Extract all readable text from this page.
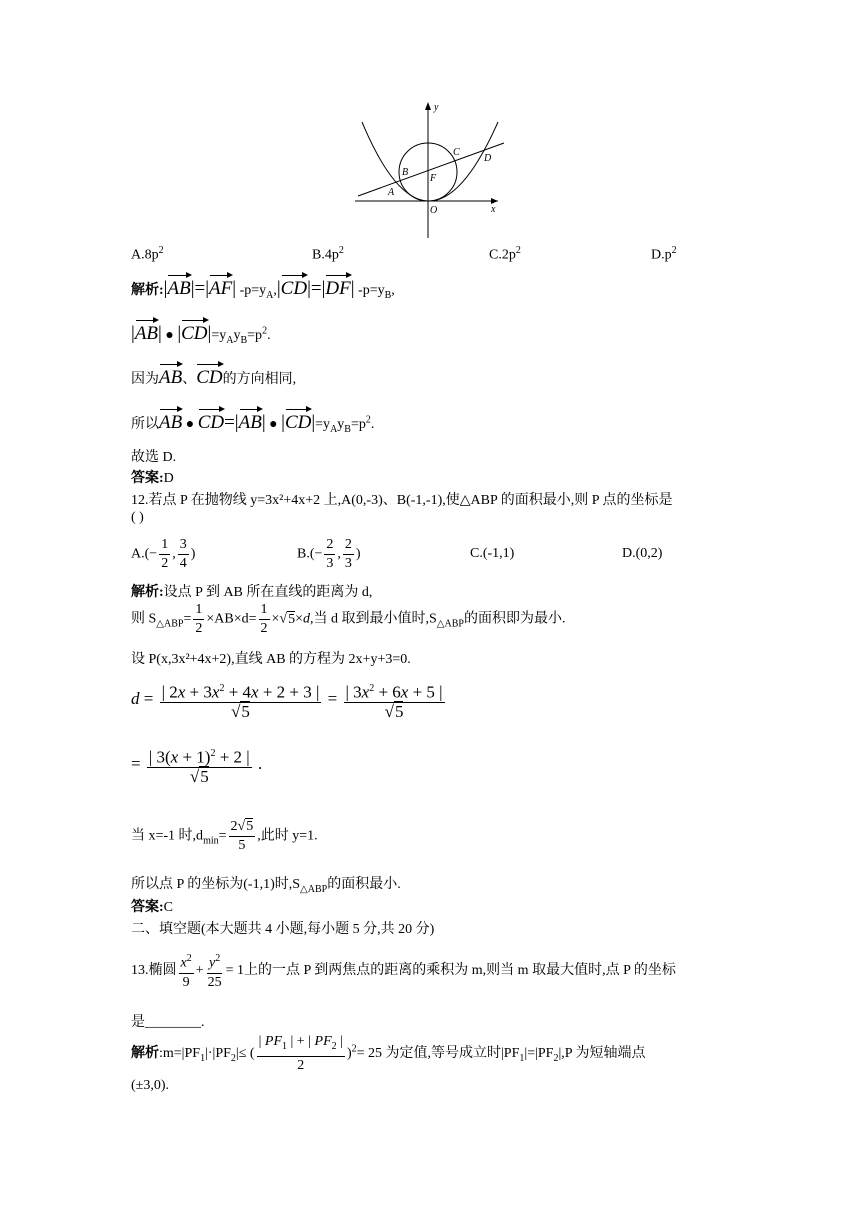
y
x
O
A
B
F
C
D
$A.8p^2$	$B.4p^2$	$C.2p^2$	$D.p^2$
解析:|AB|=|AF| $-p=y_A,|CD|=|DF|$ $-p=y_B$,
|AB| ● $|CD|=y_Ay_B=p^2$.
因为AB、CD的方向相同,
所以AB ● CD=|AB| ● $|CD|=y_Ay_B=p^2$.
故选 D.
答案:D
12.若点 P 在抛物线 y=3x²+4x+2 上,A(0,-3)、B(-1,-1),使△ABP 的面积最小,则 P 点的坐标是
( )
$A.(- \frac{1}{2}$ , $\frac{3}{4}$ )	$B.(- \frac{2}{3}$ , $\frac{2}{3}$ )	C.(-1,1)	D.(0,2)
解析:设点 P 到 AB 所在直线的距离为 d,
则 $S_{\triangle ABP}= \frac{1}{2} \times AB\times d= \frac{1}{2} \times√5\times d$,当 d 取到最小值时$,S_{\triangle ABP}$的面积即为最小.
设 P(x,3x²+4x+2),直线 AB 的方程为 2x+y+3=0.
$d = \frac{| 2x + 3x^2 + 4x + 2 + 3 |}{√5} = \frac{| 3x^2 + 6x + 5 |}{√5}$
= $\frac{| 3(x + 1)^2 + 2 |}{√5}$ .
当 x=-1 时$,d_{min}= \frac{2√5}{5}$ ,此时 y=1.
所以点 P 的坐标为(-1,1)时$,S_{\triangle ABP}$的面积最小.
答案:C
二、填空题(本大题共 4 小题,每小题 5 分,共 20 分)
13.椭圆 $\frac{x^2}{9} + \frac{y^2}{25} = 1$上的一点 P 到两焦点的距离的乘积为 m,则当 m 取最大值时,点 P 的坐标
是________.
解析$:m=|PF_1|\cdot|PF_2|\le$ ( $\frac{| PF_1 | + | PF_2 |}{2} )^2= 25$ 为定值,等号成立时$|PF_1|=|PF_2|,P$ 为短轴端点
(±3,0).
